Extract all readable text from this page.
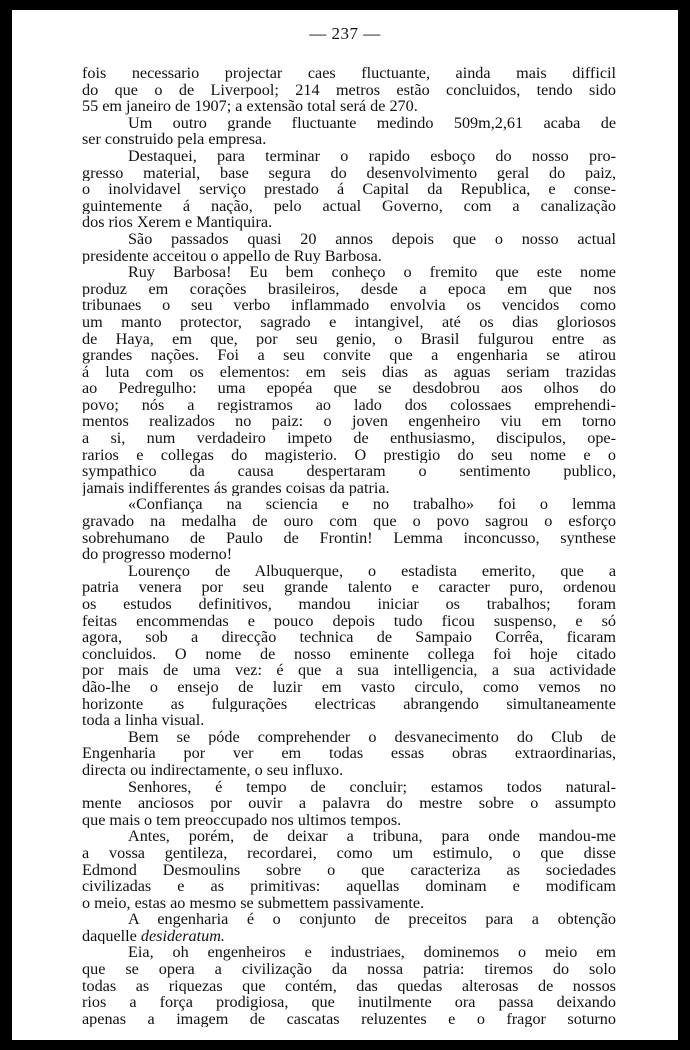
— 237 —
fois necessario projectar caes fluctuante, ainda mais difficil
do que o de Liverpool; 214 metros estão concluidos, tendo sido
55 em janeiro de 1907; a extensão total será de 270.
Um outro grande fluctuante medindo 509m,2,61 acaba de
ser construido pela empresa.
Destaquei, para terminar o rapido esboço do nosso pro-
gresso material, base segura do desenvolvimento geral do paiz,
o inolvidavel serviço prestado á Capital da Republica, e conse-
guintemente á nação, pelo actual Governo, com a canalização
dos rios Xerem e Mantiquira.
São passados quasi 20 annos depois que o nosso actual
presidente acceitou o appello de Ruy Barbosa.
Ruy Barbosa! Eu bem conheço o fremito que este nome
produz em corações brasileiros, desde a epoca em que nos
tribunaes o seu verbo inflammado envolvia os vencidos como
um manto protector, sagrado e intangivel, até os dias gloriosos
de Haya, em que, por seu genio, o Brasil fulgurou entre as
grandes nações. Foi a seu convite que a engenharia se atirou
á luta com os elementos: em seis dias as aguas seriam trazidas
ao Pedregulho: uma epopéa que se desdobrou aos olhos do
povo; nós a registramos ao lado dos colossaes emprehendi-
mentos realizados no paiz: o joven engenheiro viu em torno
a si, num verdadeiro impeto de enthusiasmo, discipulos, ope-
rarios e collegas do magisterio. O prestigio do seu nome e o
sympathico da causa despertaram o sentimento publico,
jamais indifferentes ás grandes coisas da patria.
«Confiança na sciencia e no trabalho» foi o lemma
gravado na medalha de ouro com que o povo sagrou o esforço
sobrehumano de Paulo de Frontin! Lemma inconcusso, synthese
do progresso moderno!
Lourenço de Albuquerque, o estadista emerito, que a
patria venera por seu grande talento e caracter puro, ordenou
os estudos definitivos, mandou iniciar os trabalhos; foram
feitas encommendas e pouco depois tudo ficou suspenso, e só
agora, sob a direcção technica de Sampaio Corrêa, ficaram
concluidos. O nome de nosso eminente collega foi hoje citado
por mais de uma vez: é que a sua intelligencia, a sua actividade
dão-lhe o ensejo de luzir em vasto circulo, como vemos no
horizonte as fulgurações electricas abrangendo simultaneamente
toda a linha visual.
Bem se póde comprehender o desvanecimento do Club de
Engenharia por ver em todas essas obras extraordinarias,
directa ou indirectamente, o seu influxo.
Senhores, é tempo de concluir; estamos todos natural-
mente anciosos por ouvir a palavra do mestre sobre o assumpto
que mais o tem preoccupado nos ultimos tempos.
Antes, porém, de deixar a tribuna, para onde mandou-me
a vossa gentileza, recordarei, como um estimulo, o que disse
Edmond Desmoulins sobre o que caracteriza as sociedades
civilizadas e as primitivas: aquellas dominam e modificam
o meio, estas ao mesmo se submettem passivamente.
A engenharia é o conjunto de preceitos para a obtenção
daquelle desideratum.
Eia, oh engenheiros e industriaes, dominemos o meio em
que se opera a civilização da nossa patria: tiremos do solo
todas as riquezas que contém, das quedas alterosas de nossos
rios a força prodigiosa, que inutilmente ora passa deixando
apenas a imagem de cascatas reluzentes e o fragor soturno
